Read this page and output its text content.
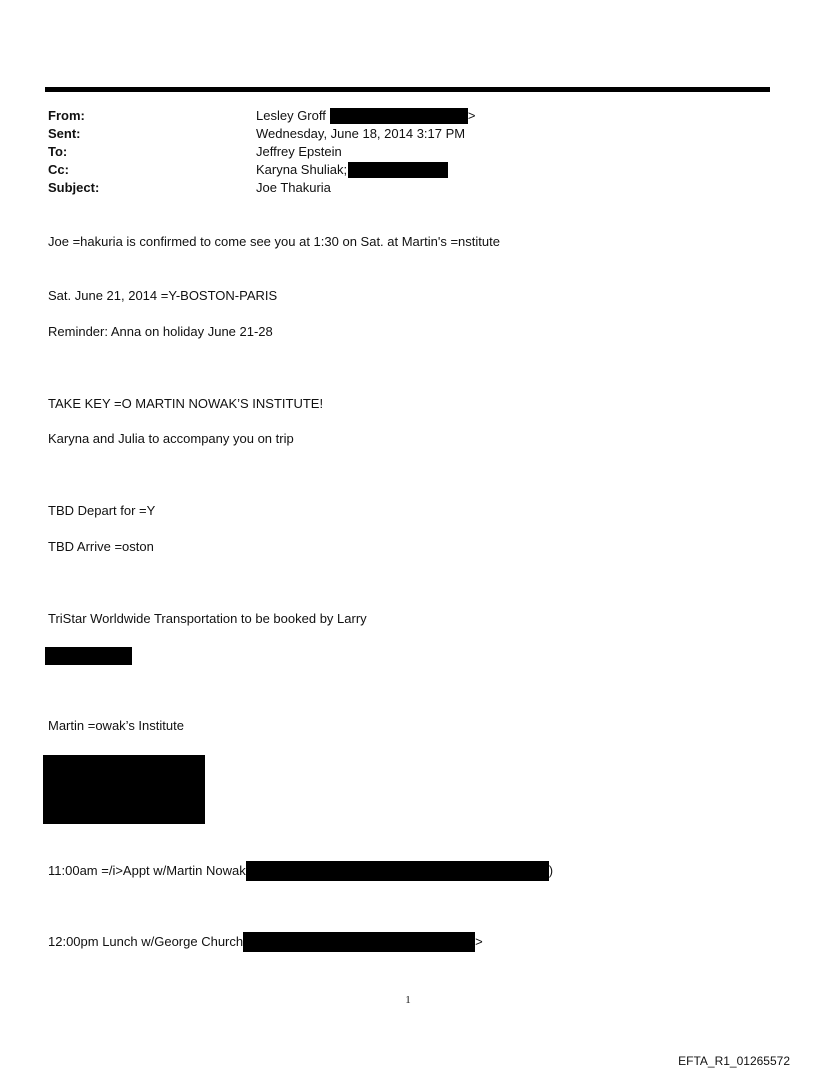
From:	Lesley Groff	>
Sent:	Wednesday, June 18, 2014 3:17 PM
To:	Jeffrey Epstein
Cc:	Karyna Shuliak;
Subject:	Joe Thakuria
Joe =hakuria is confirmed to come see you at 1:30 on Sat. at Martin's =nstitute
Sat. June 21, 2014 =Y-BOSTON-PARIS
Reminder: Anna on holiday June 21-28
TAKE KEY =O MARTIN NOWAK’S INSTITUTE!
Karyna and Julia to accompany you on trip
TBD Depart for =Y
TBD Arrive =oston
TriStar Worldwide Transportation to be booked by Larry
Martin =owak’s Institute
11:00am =/i>Appt w/Martin Nowak	)
12:00pm Lunch w/George Church	>
1
EFTA_R1_01265572
